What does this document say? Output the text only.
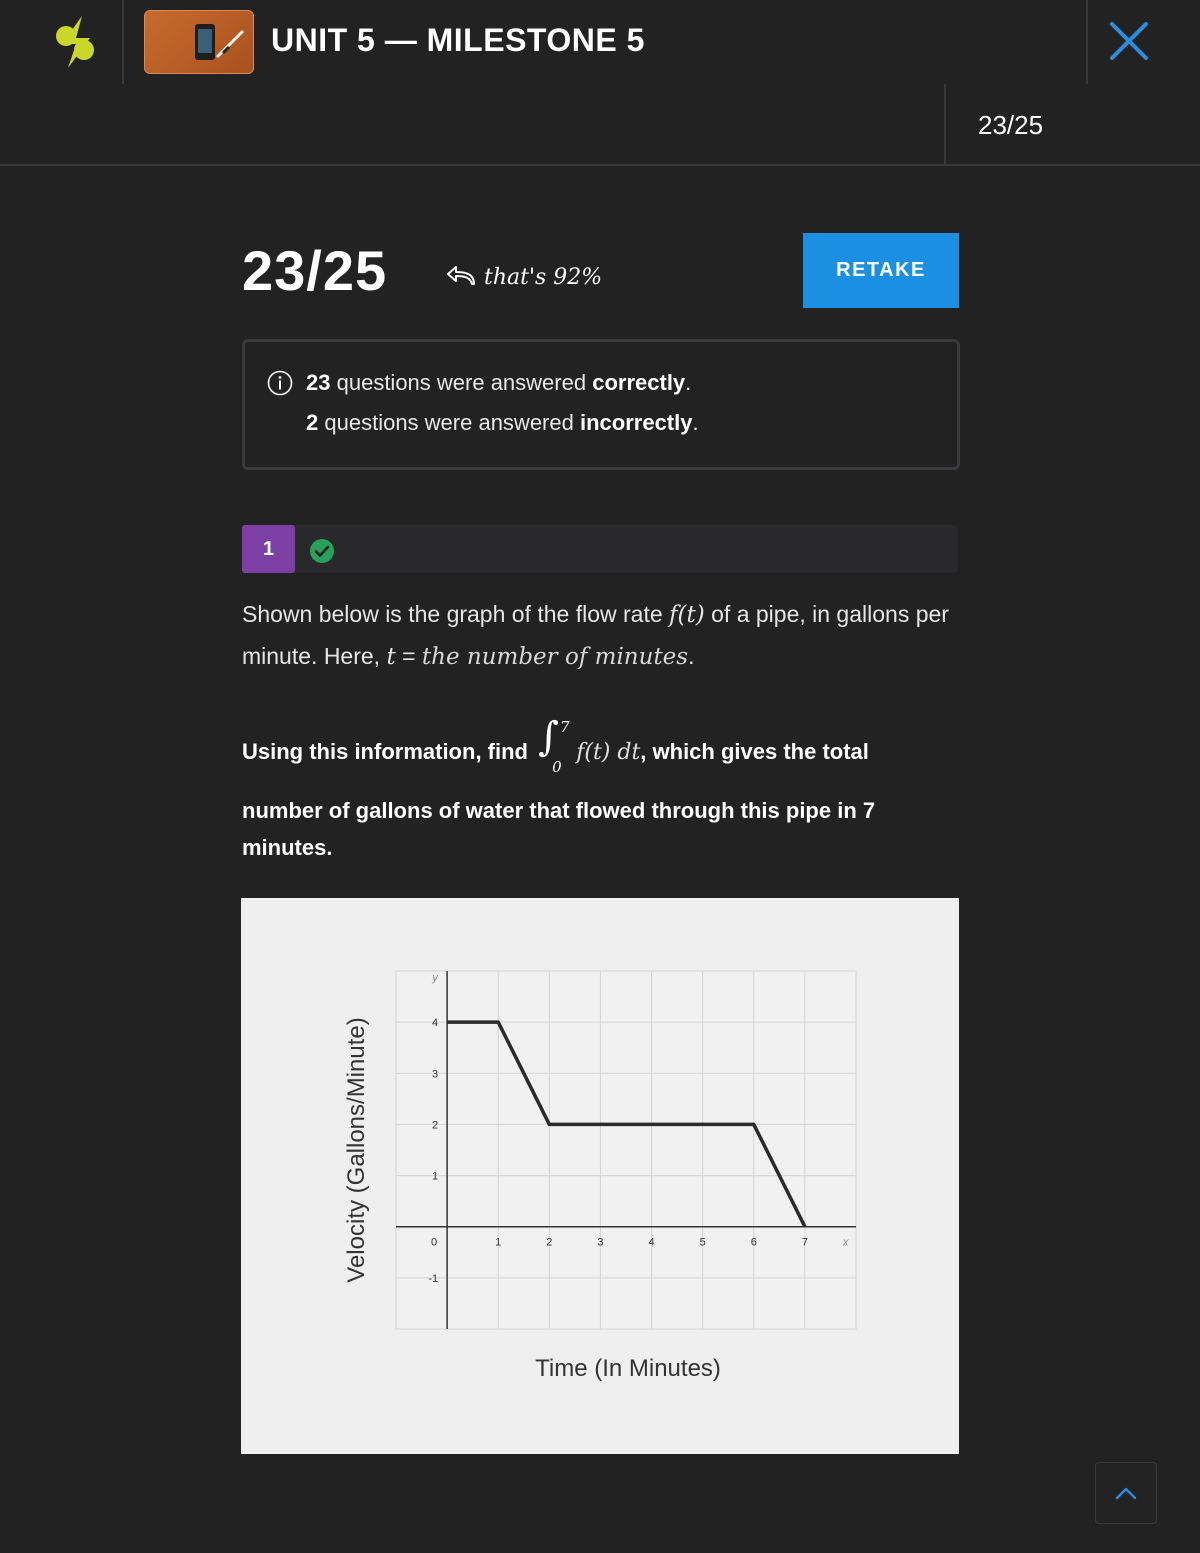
UNIT 5 — MILESTONE 5
23/25
23/25	that's 92%	RETAKE
23 questions were answered correctly.
2 questions were answered incorrectly.
1
Shown below is the graph of the flow rate f(t) of a pipe, in gallons per minute. Here, t = the number of minutes.
Using this information, find ∫ 7
0
f(t) dt, which gives the total
number of gallons of water that flowed through this pipe in 7 minutes.
0	1	2	3	4	5	6	7
-1
1
2
3
4
x
y
Time (In Minutes)
Velocity (Gallons/Minute)
